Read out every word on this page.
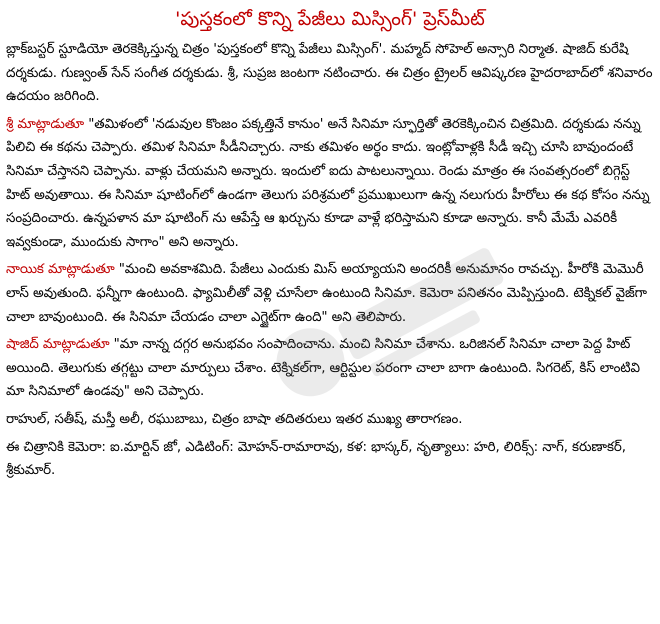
'పుస్తకంలో కొన్ని పేజీలు మిస్సింగ్' ప్రెస్‌మీట్

బ్లాక్‌బస్టర్ స్టూడియో తెరకెక్కిస్తున్న చిత్రం 'పుస్తకంలో కొన్ని పేజీలు మిస్సింగ్'. మహ్మద్ సోహెల్ అన్సారి నిర్మాత. షాజిద్ కురేషి దర్శకుడు. గుణ్వంత్ సేన్ సంగీత దర్శకుడు. శ్రీ, సుప్రజ జంటగా నటించారు. ఈ చిత్రం ట్రైలర్ ఆవిష్కరణ హైదరాబాద్‌లో శనివారం ఉదయం జరిగింది.

శ్రీ మాట్లాడుతూ "తమిళంలో 'నడువుల కొంజం పక్కత్తినే కానుం' అనే సినిమా స్ఫూర్తితో తెరకెక్కించిన చిత్రమిది. దర్శకుడు నన్ను పిలిచి ఈ కథను చెప్పారు. తమిళ సినిమా సీడీనిచ్చారు. నాకు తమిళం అర్థం కాదు. ఇంట్లోవాళ్లకి సీడీ ఇచ్చి చూసి బావుందంటే సినిమా చేస్తానని చెప్పాను. వాళ్లు చేయమని అన్నారు. ఇందులో ఐదు పాటలున్నాయి. రెండు మాత్రం ఈ సంవత్సరంలో బిగ్గెస్ట్ హిట్ అవుతాయి. ఈ సినిమా షూటింగ్‌లో ఉండగా తెలుగు పరిశ్రమలో ప్రముఖులుగా ఉన్న నలుగురు హీరోలు ఈ కథ కోసం నన్ను సంప్రదించారు. ఉన్నపళాన మా షూటింగ్ ను ఆపేస్తే ఆ ఖర్చును కూడా వాళ్లే భరిస్తామని కూడా అన్నారు. కానీ మేమే ఎవరికీ ఇవ్వకుండా, ముందుకు సాగాం" అని అన్నారు.

నాయిక మాట్లాడుతూ "మంచి అవకాశమిది. పేజీలు ఎందుకు మిస్ అయ్యాయని అందరికీ అనుమానం రావచ్చు. హీరోకి మెమొరీ లాస్ అవుతుంది. ఫన్నీగా ఉంటుంది. ఫ్యామిలీతో వెళ్లి చూసేలా ఉంటుంది సినిమా. కెమెరా పనితనం మెప్పిస్తుంది. టెక్నికల్ వైజ్‌గా చాలా బావుంటుంది. ఈ సినిమా చేయడం చాలా ఎగ్జైట్‌గా ఉంది" అని తెలిపారు.

షాజిద్ మాట్లాడుతూ "మా నాన్న దగ్గర అనుభవం సంపాదించాను. మంచి సినిమా చేశాను. ఒరిజినల్ సినిమా చాలా పెద్ద హిట్ అయింది. తెలుగుకు తగ్గట్టు చాలా మార్పులు చేశాం. టెక్నికల్‌గా, ఆర్టిస్టుల పరంగా చాలా బాగా ఉంటుంది. సిగరెట్, కిస్ లాంటివి మా సినిమాలో ఉండవు" అని చెప్పారు.

రాహుల్, సతీష్, మస్తీ అలీ, రఘుబాబు, చిత్రం బాషా తదితరులు ఇతర ముఖ్య తారాగణం.

ఈ చిత్రానికి కెమెరా: ఐ.మార్టిన్ జో, ఎడిటింగ్: మోహన్-రామారావు, కళ: భాస్కర్, నృత్యాలు: హరి, లిరిక్స్: నాగ్, కరుణాకర్, శ్రీకుమార్.
